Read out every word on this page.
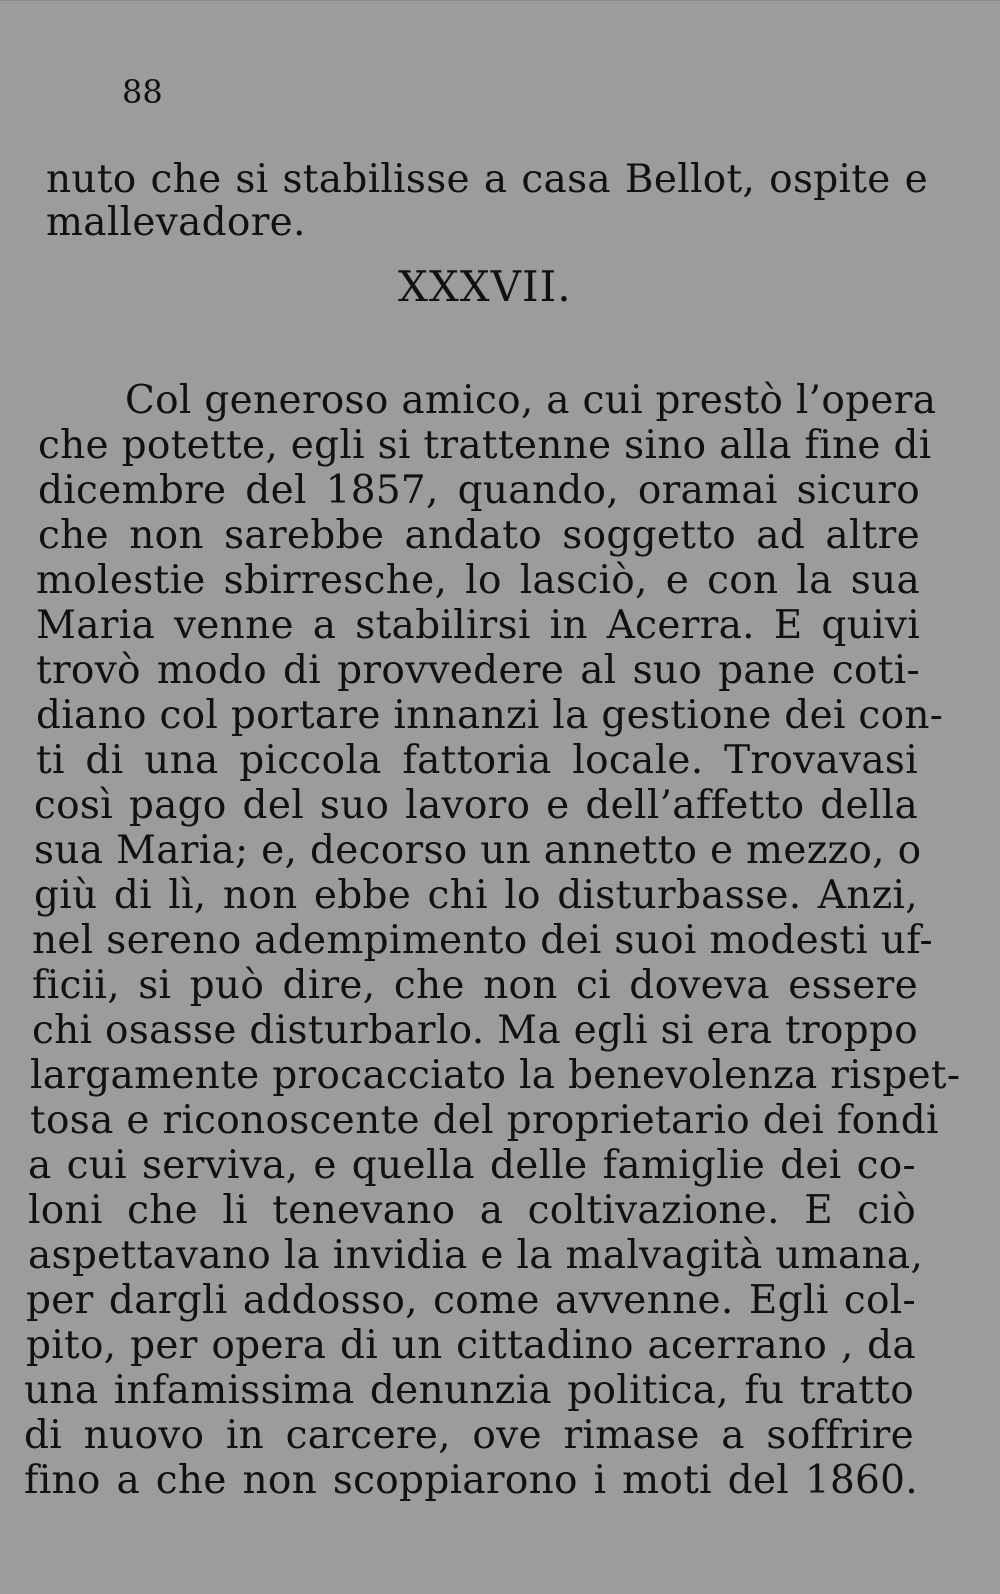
88
nuto che si stabilisse a casa Bellot, ospite e
mallevadore.
XXXVII.
Col generoso amico, a cui prestò l’opera
che potette, egli si trattenne sino alla fine di
dicembre del 1857, quando, oramai sicuro
che non sarebbe andato soggetto ad altre
molestie sbirresche, lo lasciò, e con la sua
Maria venne a stabilirsi in Acerra. E quivi
trovò modo di provvedere al suo pane coti-
diano col portare innanzi la gestione dei con-
ti di una piccola fattoria locale. Trovavasi
così pago del suo lavoro e dell’affetto della
sua Maria; e, decorso un annetto e mezzo, o
giù di lì, non ebbe chi lo disturbasse. Anzi,
nel sereno adempimento dei suoi modesti uf-
ficii, si può dire, che non ci doveva essere
chi osasse disturbarlo. Ma egli si era troppo
largamente procacciato la benevolenza rispet-
tosa e riconoscente del proprietario dei fondi
a cui serviva, e quella delle famiglie dei co-
loni che li tenevano a coltivazione. E ciò
aspettavano la invidia e la malvagità umana,
per dargli addosso, come avvenne. Egli col-
pito, per opera di un cittadino acerrano , da
una infamissima denunzia politica, fu tratto
di nuovo in carcere, ove rimase a soffrire
fino a che non scoppiarono i moti del 1860.
